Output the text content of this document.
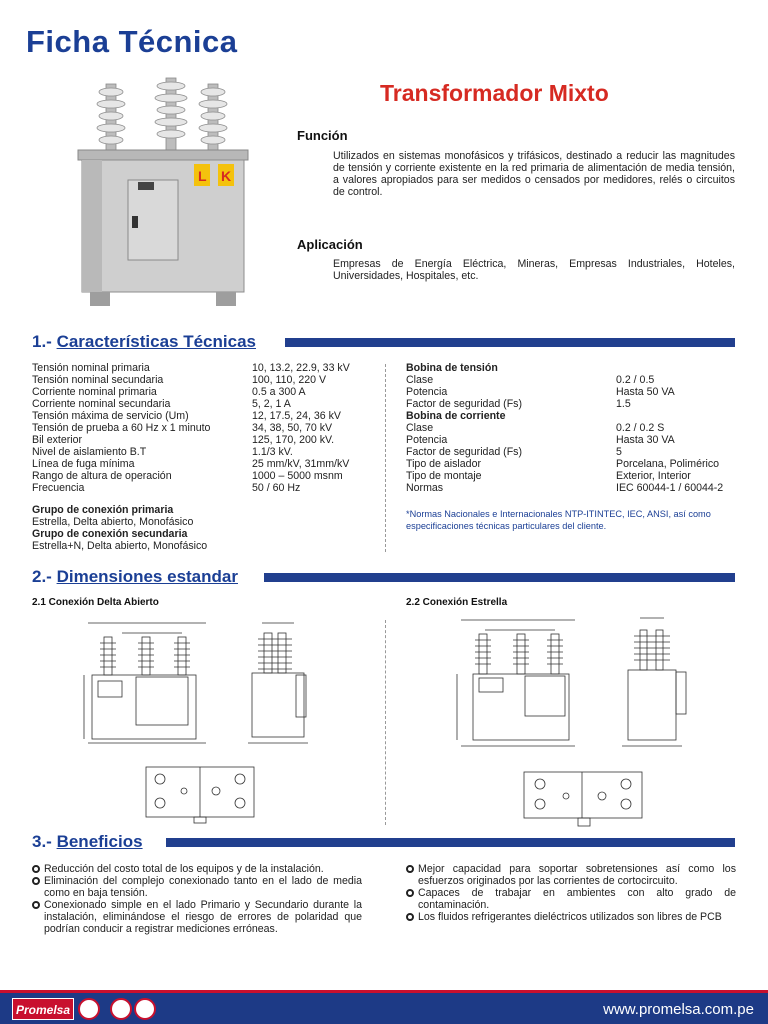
Ficha Técnica
Transformador Mixto
L K
Función
Utilizados en sistemas monofásicos y trifásicos, destinado a reducir las magnitudes de tensión y corriente existente en la red primaria de alimentación de media tensión, a valores apropiados para ser medidos o censados por medidores, relés o circuitos de control.
Aplicación
Empresas de Energía Eléctrica, Mineras, Empresas Industriales, Hoteles, Universidades, Hospitales, etc.
1.- Características Técnicas
Tensión nominal primaria	10, 13.2, 22.9, 33 kV
Tensión nominal secundaria	100, 110, 220 V
Corriente nominal primaria	0.5 a 300 A
Corriente nominal secundaria	5, 2, 1 A
Tensión máxima de servicio (Um)	12, 17.5, 24, 36 kV
Tensión de prueba a 60 Hz x 1 minuto	34, 38, 50, 70 kV
Bil exterior	125, 170, 200 kV.
Nivel de aislamiento B.T	1.1/3 kV.
Línea de fuga mínima	25 mm/kV, 31mm/kV
Rango de altura de operación	1000 – 5000 msnm
Frecuencia	50 / 60 Hz
Grupo de conexión primaria
Estrella, Delta abierto, Monofásico
Grupo de conexión secundaria
Estrella+N, Delta abierto, Monofásico
Bobina de tensión
Clase	0.2 / 0.5
Potencia	Hasta 50 VA
Factor de seguridad (Fs)	1.5
Bobina de corriente
Clase	0.2 / 0.2 S
Potencia	Hasta 30 VA
Factor de seguridad (Fs)	5
Tipo de aislador	Porcelana, Polimérico
Tipo de montaje	Exterior, Interior
Normas	IEC 60044-1 / 60044-2
*Normas Nacionales e Internacionales NTP-ITINTEC, IEC, ANSI, así como especificaciones técnicas particulares del cliente.
2.- Dimensiones estandar
2.1 Conexión Delta Abierto	2.2 Conexión Estrella
3.- Beneficios
Reducción del costo total de los equipos y de la instalación.
Eliminación del complejo conexionado tanto en el lado de media como en baja tensión.
Conexionado simple en el lado Primario y Secundario durante la instalación, eliminándose el riesgo de errores de polaridad que podrían conducir a registrar mediciones erróneas.
Mejor capacidad para soportar sobretensiones así como los esfuerzos originados por las corrientes de cortocircuito.
Capaces de trabajar en ambientes con alto grado de contaminación.
Los fluidos refrigerantes dieléctricos utilizados son libres de PCB
Promelsa	www.promelsa.com.pe
